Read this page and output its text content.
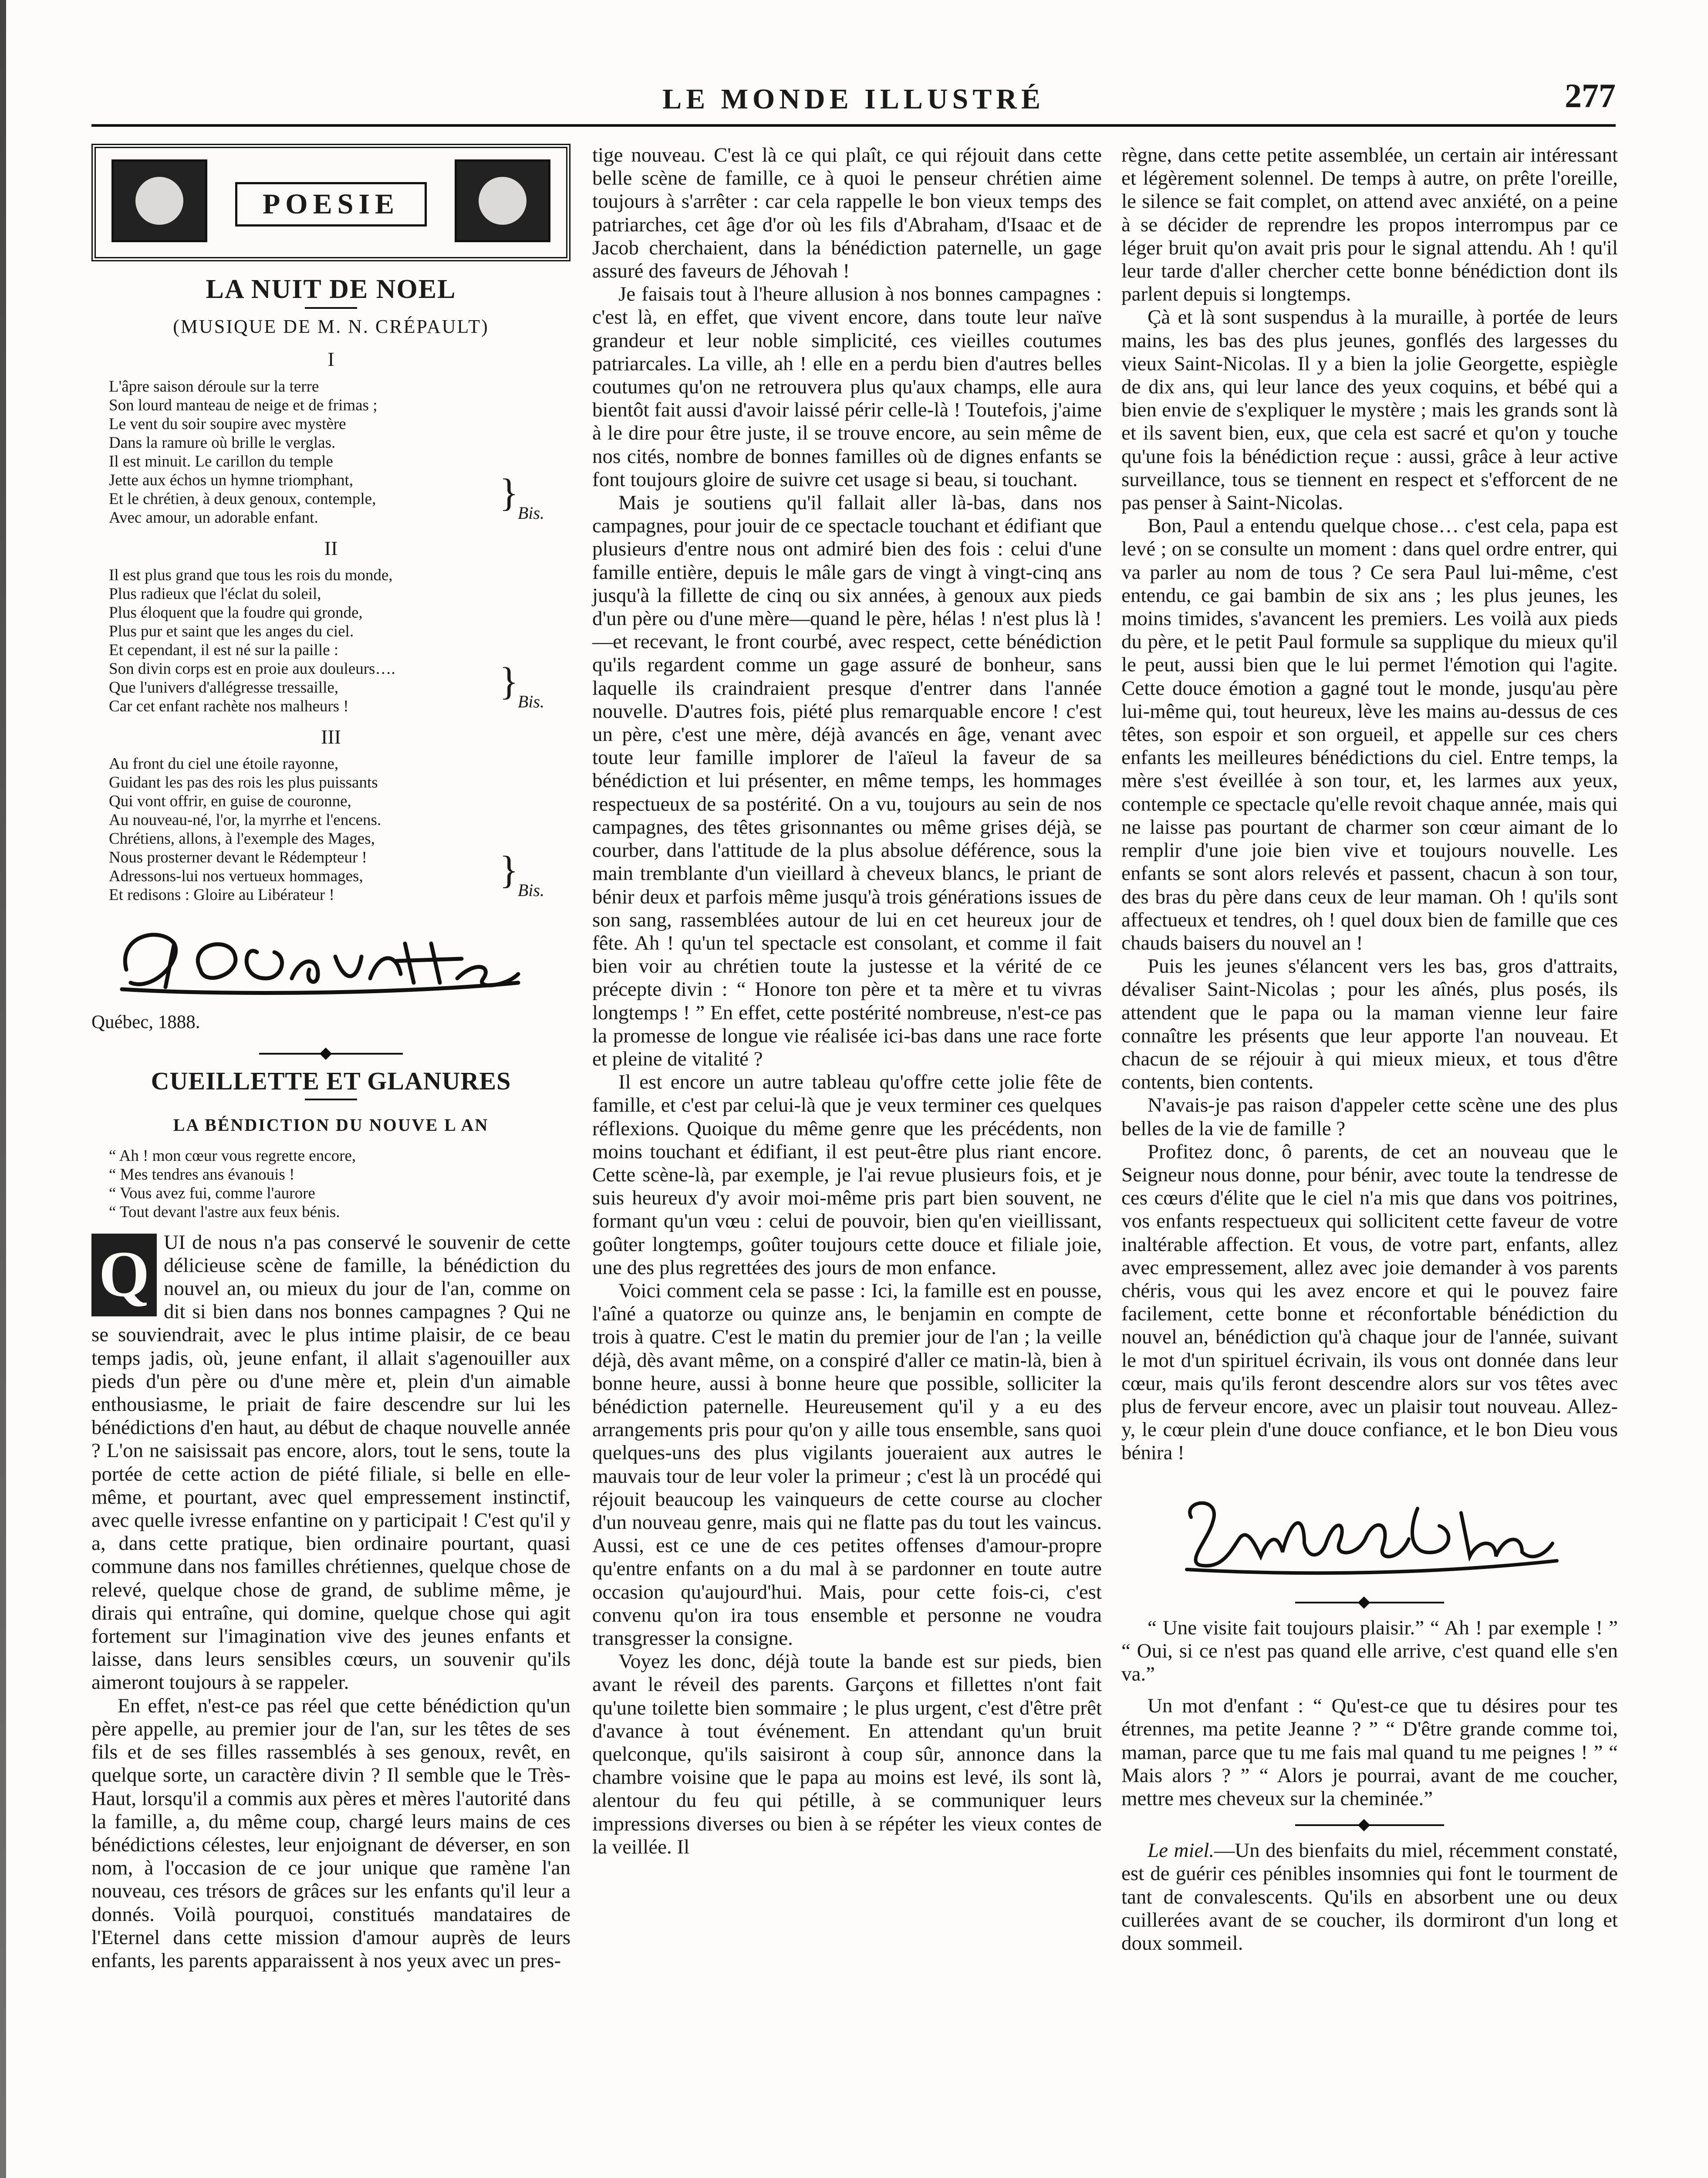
LE MONDE ILLUSTRÉ	277
POESIE
LA NUIT DE NOEL
(MUSIQUE DE M. N. CRÉPAULT)
I
L'âpre saison déroule sur la terre
Son lourd manteau de neige et de frimas ;
Le vent du soir soupire avec mystère
Dans la ramure où brille le verglas.
Il est minuit. Le carillon du temple
Jette aux échos un hymne triomphant,
Et le chrétien, à deux genoux, contemple,
Avec amour, un adorable enfant.	} Bis.
II
Il est plus grand que tous les rois du monde,
Plus radieux que l'éclat du soleil,
Plus éloquent que la foudre qui gronde,
Plus pur et saint que les anges du ciel.
Et cependant, il est né sur la paille :
Son divin corps est en proie aux douleurs….
Que l'univers d'allégresse tressaille,
Car cet enfant rachète nos malheurs !	} Bis.
III
Au front du ciel une étoile rayonne,
Guidant les pas des rois les plus puissants
Qui vont offrir, en guise de couronne,
Au nouveau-né, l'or, la myrrhe et l'encens.
Chrétiens, allons, à l'exemple des Mages,
Nous prosterner devant le Rédempteur !
Adressons-lui nos vertueux hommages,
Et redisons : Gloire au Libérateur !	} Bis.
Québec, 1888.
CUEILLETTE ET GLANURES
LA BÉNDICTION DU NOUVE L AN
“ Ah ! mon cœur vous regrette encore,
“ Mes tendres ans évanouis !
“ Vous avez fui, comme l'aurore
“ Tout devant l'astre aux feux bénis.
Q

UI de nous n'a pas conservé le souvenir de cette délicieuse scène de famille, la bénédiction du nouvel an, ou mieux du jour de l'an, comme on dit si bien dans nos bonnes campagnes ? Qui ne se souviendrait, avec le plus intime plaisir, de ce beau temps jadis, où, jeune enfant, il allait s'agenouiller aux pieds d'un père ou d'une mère et, plein d'un aimable enthousiasme, le priait de faire descendre sur lui les bénédictions d'en haut, au début de chaque nouvelle année ? L'on ne saisissait pas encore, alors, tout le sens, toute la portée de cette action de piété filiale, si belle en elle-même, et pourtant, avec quel empressement instinctif, avec quelle ivresse enfantine on y participait ! C'est qu'il y a, dans cette pratique, bien ordinaire pourtant, quasi commune dans nos familles chrétiennes, quelque chose de relevé, quelque chose de grand, de sublime même, je dirais qui entraîne, qui domine, quelque chose qui agit fortement sur l'imagination vive des jeunes enfants et laisse, dans leurs sensibles cœurs, un souvenir qu'ils aimeront toujours à se rappeler.

En effet, n'est-ce pas réel que cette bénédiction qu'un père appelle, au premier jour de l'an, sur les têtes de ses fils et de ses filles rassemblés à ses genoux, revêt, en quelque sorte, un caractère divin ? Il semble que le Très-Haut, lorsqu'il a commis aux pères et mères l'autorité dans la famille, a, du même coup, chargé leurs mains de ces bénédictions célestes, leur enjoignant de déverser, en son nom, à l'occasion de ce jour unique que ramène l'an nouveau, ces trésors de grâces sur les enfants qu'il leur a donnés. Voilà pourquoi, constitués mandataires de l'Eternel dans cette mission d'amour auprès de leurs enfants, les parents apparaissent à nos yeux avec un pres-

tige nouveau. C'est là ce qui plaît, ce qui réjouit dans cette belle scène de famille, ce à quoi le penseur chrétien aime toujours à s'arrêter : car cela rappelle le bon vieux temps des patriarches, cet âge d'or où les fils d'Abraham, d'Isaac et de Jacob cherchaient, dans la bénédiction paternelle, un gage assuré des faveurs de Jéhovah !

Je faisais tout à l'heure allusion à nos bonnes campagnes : c'est là, en effet, que vivent encore, dans toute leur naïve grandeur et leur noble simplicité, ces vieilles coutumes patriarcales. La ville, ah ! elle en a perdu bien d'autres belles coutumes qu'on ne retrouvera plus qu'aux champs, elle aura bientôt fait aussi d'avoir laissé périr celle-là ! Toutefois, j'aime à le dire pour être juste, il se trouve encore, au sein même de nos cités, nombre de bonnes familles où de dignes enfants se font toujours gloire de suivre cet usage si beau, si touchant.

Mais je soutiens qu'il fallait aller là-bas, dans nos campagnes, pour jouir de ce spectacle touchant et édifiant que plusieurs d'entre nous ont admiré bien des fois : celui d'une famille entière, depuis le mâle gars de vingt à vingt-cinq ans jusqu'à la fillette de cinq ou six années, à genoux aux pieds d'un père ou d'une mère—quand le père, hélas ! n'est plus là !—et recevant, le front courbé, avec respect, cette bénédiction qu'ils regardent comme un gage assuré de bonheur, sans laquelle ils craindraient presque d'entrer dans l'année nouvelle. D'autres fois, piété plus remarquable encore ! c'est un père, c'est une mère, déjà avancés en âge, venant avec toute leur famille implorer de l'aïeul la faveur de sa bénédiction et lui présenter, en même temps, les hommages respectueux de sa postérité. On a vu, toujours au sein de nos campagnes, des têtes grisonnantes ou même grises déjà, se courber, dans l'attitude de la plus absolue déférence, sous la main tremblante d'un vieillard à cheveux blancs, le priant de bénir deux et parfois même jusqu'à trois générations issues de son sang, rassemblées autour de lui en cet heureux jour de fête. Ah ! qu'un tel spectacle est consolant, et comme il fait bien voir au chrétien toute la justesse et la vérité de ce précepte divin : “ Honore ton père et ta mère et tu vivras longtemps ! ” En effet, cette postérité nombreuse, n'est-ce pas la promesse de longue vie réalisée ici-bas dans une race forte et pleine de vitalité ?

Il est encore un autre tableau qu'offre cette jolie fête de famille, et c'est par celui-là que je veux terminer ces quelques réflexions. Quoique du même genre que les précédents, non moins touchant et édifiant, il est peut-être plus riant encore. Cette scène-là, par exemple, je l'ai revue plusieurs fois, et je suis heureux d'y avoir moi-même pris part bien souvent, ne formant qu'un vœu : celui de pouvoir, bien qu'en vieillissant, goûter longtemps, goûter toujours cette douce et filiale joie, une des plus regrettées des jours de mon enfance.

Voici comment cela se passe : Ici, la famille est en pousse, l'aîné a quatorze ou quinze ans, le benjamin en compte de trois à quatre. C'est le matin du premier jour de l'an ; la veille déjà, dès avant même, on a conspiré d'aller ce matin-là, bien à bonne heure, aussi à bonne heure que possible, solliciter la bénédiction paternelle. Heureusement qu'il y a eu des arrangements pris pour qu'on y aille tous ensemble, sans quoi quelques-uns des plus vigilants joueraient aux autres le mauvais tour de leur voler la primeur ; c'est là un procédé qui réjouit beaucoup les vainqueurs de cette course au clocher d'un nouveau genre, mais qui ne flatte pas du tout les vaincus. Aussi, est ce une de ces petites offenses d'amour-propre qu'entre enfants on a du mal à se pardonner en toute autre occasion qu'aujourd'hui. Mais, pour cette fois-ci, c'est convenu qu'on ira tous ensemble et personne ne voudra transgresser la consigne.

Voyez les donc, déjà toute la bande est sur pieds, bien avant le réveil des parents. Garçons et fillettes n'ont fait qu'une toilette bien sommaire ; le plus urgent, c'est d'être prêt d'avance à tout événement. En attendant qu'un bruit quelconque, qu'ils saisiront à coup sûr, annonce dans la chambre voisine que le papa au moins est levé, ils sont là, alentour du feu qui pétille, à se communiquer leurs impressions diverses ou bien à se répéter les vieux contes de la veillée. Il

règne, dans cette petite assemblée, un certain air intéressant et légèrement solennel. De temps à autre, on prête l'oreille, le silence se fait complet, on attend avec anxiété, on a peine à se décider de reprendre les propos interrompus par ce léger bruit qu'on avait pris pour le signal attendu. Ah ! qu'il leur tarde d'aller chercher cette bonne bénédiction dont ils parlent depuis si longtemps.

Çà et là sont suspendus à la muraille, à portée de leurs mains, les bas des plus jeunes, gonflés des largesses du vieux Saint-Nicolas. Il y a bien la jolie Georgette, espiègle de dix ans, qui leur lance des yeux coquins, et bébé qui a bien envie de s'expliquer le mystère ; mais les grands sont là et ils savent bien, eux, que cela est sacré et qu'on y touche qu'une fois la bénédiction reçue : aussi, grâce à leur active surveillance, tous se tiennent en respect et s'efforcent de ne pas penser à Saint-Nicolas.

Bon, Paul a entendu quelque chose… c'est cela, papa est levé ; on se consulte un moment : dans quel ordre entrer, qui va parler au nom de tous ? Ce sera Paul lui-même, c'est entendu, ce gai bambin de six ans ; les plus jeunes, les moins timides, s'avancent les premiers. Les voilà aux pieds du père, et le petit Paul formule sa supplique du mieux qu'il le peut, aussi bien que le lui permet l'émotion qui l'agite. Cette douce émotion a gagné tout le monde, jusqu'au père lui-même qui, tout heureux, lève les mains au-dessus de ces têtes, son espoir et son orgueil, et appelle sur ces chers enfants les meilleures bénédictions du ciel. Entre temps, la mère s'est éveillée à son tour, et, les larmes aux yeux, contemple ce spectacle qu'elle revoit chaque année, mais qui ne laisse pas pourtant de charmer son cœur aimant de lo remplir d'une joie bien vive et toujours nouvelle. Les enfants se sont alors relevés et passent, chacun à son tour, des bras du père dans ceux de leur maman. Oh ! qu'ils sont affectueux et tendres, oh ! quel doux bien de famille que ces chauds baisers du nouvel an !

Puis les jeunes s'élancent vers les bas, gros d'attraits, dévaliser Saint-Nicolas ; pour les aînés, plus posés, ils attendent que le papa ou la maman vienne leur faire connaître les présents que leur apporte l'an nouveau. Et chacun de se réjouir à qui mieux mieux, et tous d'être contents, bien contents.

N'avais-je pas raison d'appeler cette scène une des plus belles de la vie de famille ?

Profitez donc, ô parents, de cet an nouveau que le Seigneur nous donne, pour bénir, avec toute la tendresse de ces cœurs d'élite que le ciel n'a mis que dans vos poitrines, vos enfants respectueux qui sollicitent cette faveur de votre inaltérable affection. Et vous, de votre part, enfants, allez avec empressement, allez avec joie demander à vos parents chéris, vous qui les avez encore et qui le pouvez faire facilement, cette bonne et réconfortable bénédiction du nouvel an, bénédiction qu'à chaque jour de l'année, suivant le mot d'un spirituel écrivain, ils vous ont donnée dans leur cœur, mais qu'ils feront descendre alors sur vos têtes avec plus de ferveur encore, avec un plaisir tout nouveau. Allez-y, le cœur plein d'une douce confiance, et le bon Dieu vous bénira !

“ Une visite fait toujours plaisir.” “ Ah ! par exemple ! ” “ Oui, si ce n'est pas quand elle arrive, c'est quand elle s'en va.”

Un mot d'enfant : “ Qu'est-ce que tu désires pour tes étrennes, ma petite Jeanne ? ” “ D'être grande comme toi, maman, parce que tu me fais mal quand tu me peignes ! ” “ Mais alors ? ” “ Alors je pourrai, avant de me coucher, mettre mes cheveux sur la cheminée.”

Le miel.—Un des bienfaits du miel, récemment constaté, est de guérir ces pénibles insomnies qui font le tourment de tant de convalescents. Qu'ils en absorbent une ou deux cuillerées avant de se coucher, ils dormiront d'un long et doux sommeil.
